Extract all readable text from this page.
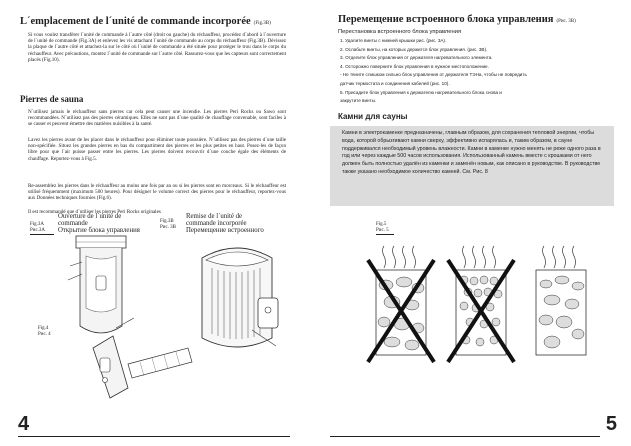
L´emplacement de l´unité de commande incorporée (Fig.3B)

Si vous voulez transférer l´unité de commande à l´autre côté (droit ou gauche) du réchauffeur, procédez d´abord à l´ouverture de l´unité de commande (Fig.3A) et enlevez les vis attachant l´unité de commande au corps du réchauffeur (Fig.3B). Dévissez la plaque de l´autre côté et attachez-la sur le côté où l´unité de commande a été située pour protéger le trou dans le corps du réchauffeur. Avec précautions, montez l´unité de commande sur l´autre côté. Rassurez-vous que les capteurs sont correctement placés (Fig.10).

Pierres de sauna

N´utilisez jamais le réchauffeur sans pierres car cela peut causer une incendie. Les pierres Peri Rocks ou Sawo sont recommandées. N´utilisez pas des pierres céramiques. Elles ne sont pas d´une qualité de chauffage convenable, sont faciles à se casser et peuvent émettre des matières nuisibles à la santé.

Lavez les pierres avant de les placer dans le réchauffeur pour éliminer toute poussière. N´utilisez pas des pierres d´une taille non-spécifiée. Situez les grandes pierres en bas du compartiment des pierres et les plus petites en haut. Posez-les de façon libre pour que l´air puisse passer entre les pierres. Les pierres doivent recouvrir d´une couche égale des éléments de chauffage. Reportez-vous à Fig.5.

Re-assemblez les pierres dans le réchauffeur au moins une fois par an ou si les pierres sont en morceaux. Si le réchauffeur est utilisé fréquemment (maximum 500 heures). Pour désigner le volume correct des pierres pour le réchauffeur, reportez-vous aux Données techniques fournies (Fig.6).

Il est recommandé que d´utiliser les pierres Peri Rocks originales

Fig.3A
Рис.3A
Ouverture de l´unité de
commande
Открытие блока управления
Fig.3B
Рис. 3B
Remise de l´unité de
commande incorporée
Перемещение встроенного
Fig.4
Рис. 4
4
Перемещение встроенного блока управления (Рис. 3B)
Перестановка встроенного блока управления
1. Удалите винты с нижней крышки рис. (рис. 3A).
2. Ослабьте винты, на которых держится блок управления. (рис. 3B).
3. Отделите блок управления от держателя нагревательного элемента.
4. Осторожно поверните блок управления в нужное местоположение.
- Не тяните слишком сильно блок управления от держателя ТЭНа, чтобы не повредить
датчик термостата и соединения кабелей (рис. 10).
5. Присадите блок управления к держателю нагревательного блока снова и
закрутите винты.
Камни для сауны

Камни в электрокаменке предназначены, главным образом, для сохранения тепловой энергии, чтобы вода, которой обрызгивают камни сверху, эффективно испарялась и, таким образом, в сауне поддерживался необходимый уровень влажности. Камни в каменке нужно менять не реже одного раза в год или через каждые 500 часов использования. Использованный камень вместе с крошками от него должен быть полностью удалён из каменки и заменён новым, как описано в руководстве. В руководстве также указано необходимое количество камней. См. Рис. 8

Fig.5
Рис. 5
5
